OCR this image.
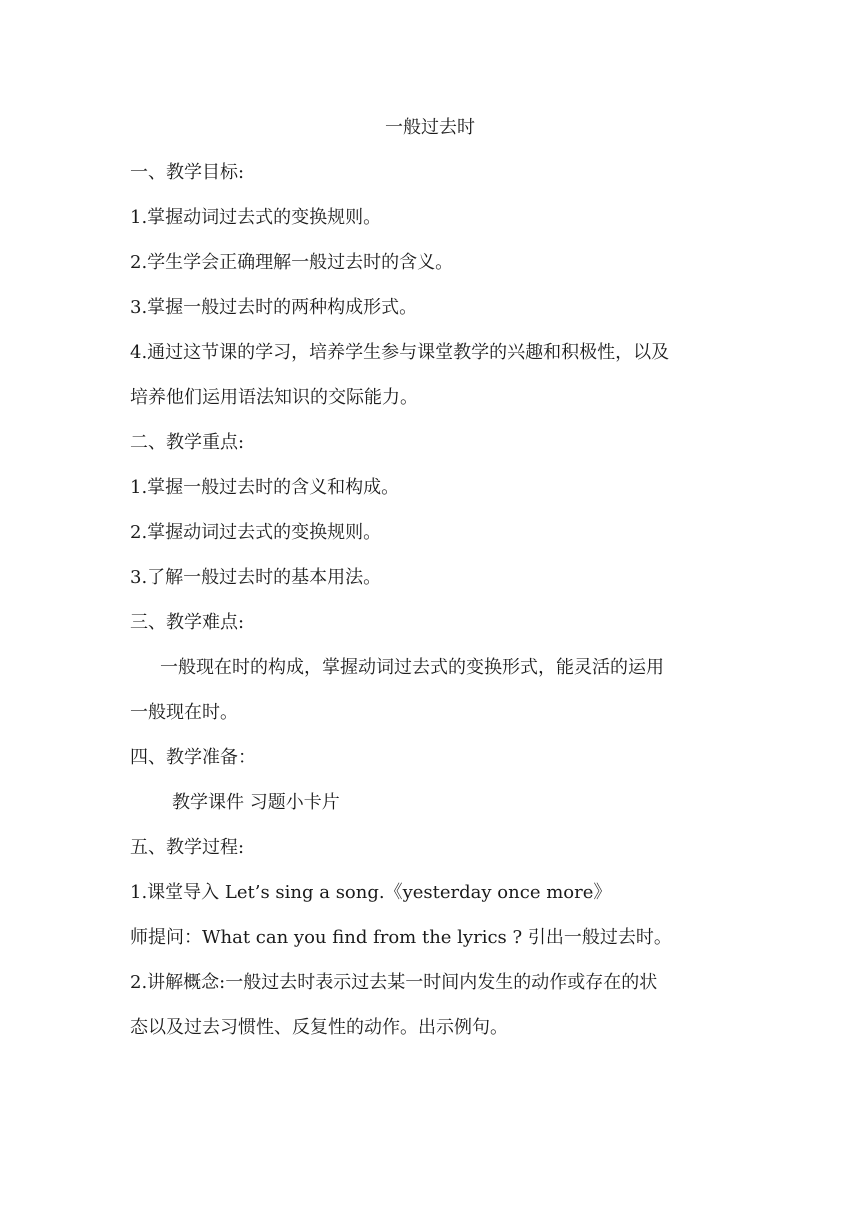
一般过去时
一、教学目标:
1.掌握动词过去式的变换规则。
2.学生学会正确理解一般过去时的含义。
3.掌握一般过去时的两种构成形式。
4.通过这节课的学习，培养学生参与课堂教学的兴趣和积极性，以及
培养他们运用语法知识的交际能力。
二、教学重点:
1.掌握一般过去时的含义和构成。
2.掌握动词过去式的变换规则。
3.了解一般过去时的基本用法。
三、教学难点:
一般现在时的构成，掌握动词过去式的变换形式，能灵活的运用
一般现在时。
四、教学准备：
教学课件 习题小卡片
五、教学过程:
1.课堂导入 Let’s sing a song.《yesterday once more》
师提问：What can you find from the lyrics ? 引出一般过去时。
2.讲解概念:一般过去时表示过去某一时间内发生的动作或存在的状
态以及过去习惯性、反复性的动作。出示例句。
